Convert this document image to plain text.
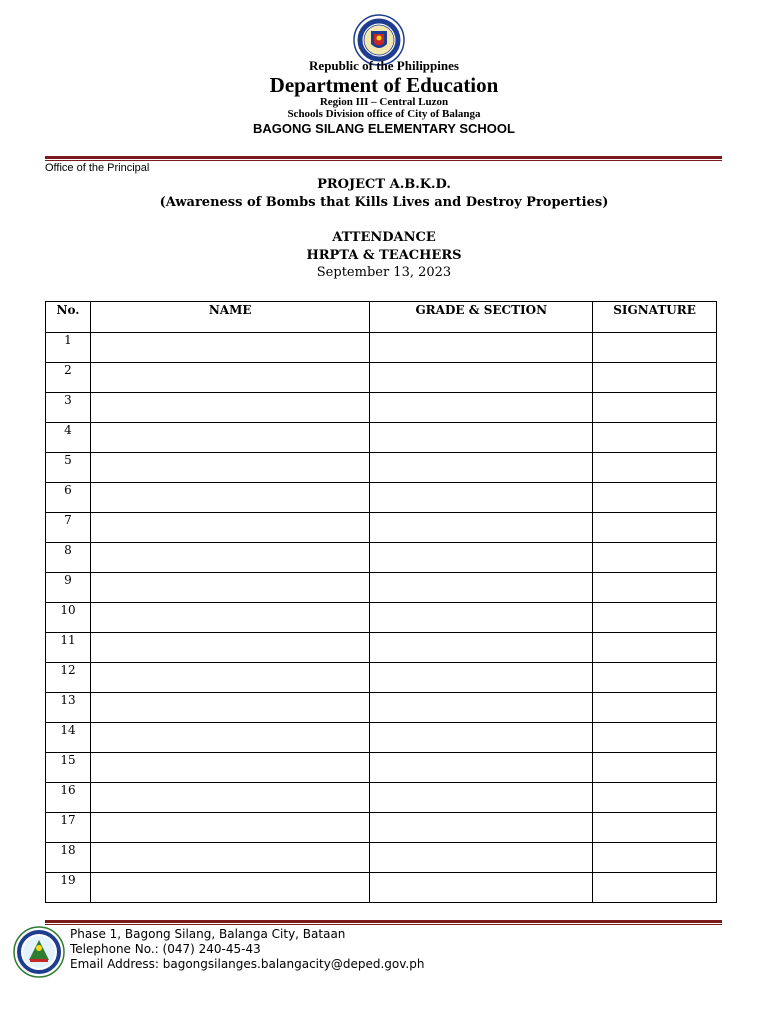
Republic of the Philippines
Department of Education
Region III – Central Luzon
Schools Division office of City of Balanga
BAGONG SILANG ELEMENTARY SCHOOL
Office of the Principal
PROJECT A.B.K.D.
(Awareness of Bombs that Kills Lives and Destroy Properties)
ATTENDANCE
HRPTA & TEACHERS
September 13, 2023
No.	NAME	GRADE & SECTION	SIGNATURE
1			
2			
3			
4			
5			
6			
7			
8			
9			
10			
11			
12			
13			
14			
15			
16			
17			
18			
19			
Phase 1, Bagong Silang, Balanga City, Bataan
Telephone No.: (047) 240-45-43
Email Address: bagongsilanges.balangacity@deped.gov.ph
